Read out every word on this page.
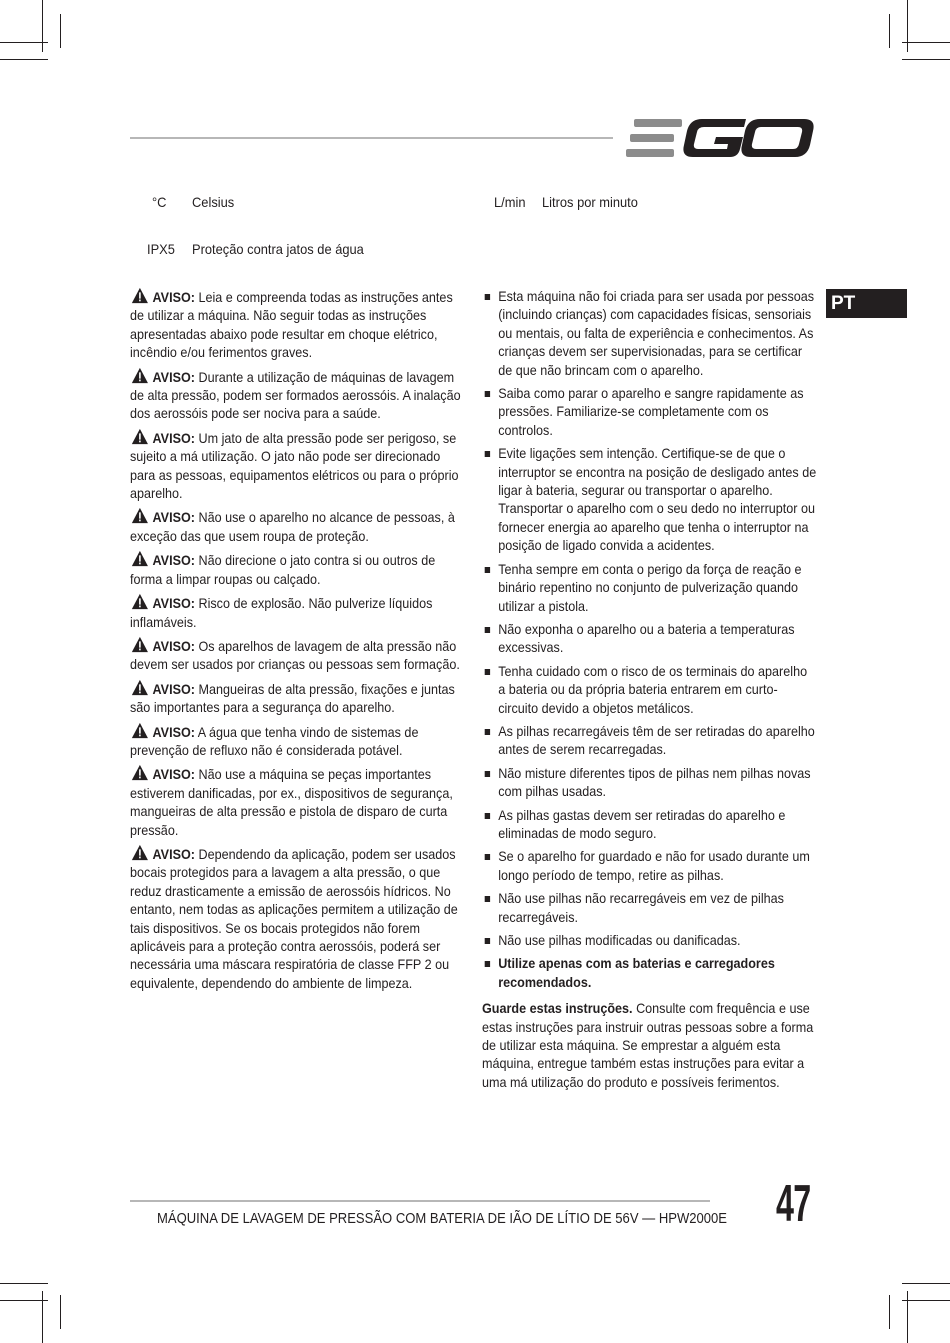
°C Celsius	L/min Litros por minuto
IPX5 Proteção contra jatos de água
PT

AVISO: Leia e compreenda todas as instruções antes de utilizar a máquina. Não seguir todas as instruções apresentadas abaixo pode resultar em choque elétrico, incêndio e/ou ferimentos graves.

AVISO: Durante a utilização de máquinas de lavagem de alta pressão, podem ser formados aerossóis. A inalação dos aerossóis pode ser nociva para a saúde.

AVISO: Um jato de alta pressão pode ser perigoso, se sujeito a má utilização. O jato não pode ser direcionado para as pessoas, equipamentos elétricos ou para o próprio aparelho.

AVISO: Não use o aparelho no alcance de pessoas, à exceção das que usem roupa de proteção.

AVISO: Não direcione o jato contra si ou outros de forma a limpar roupas ou calçado.

AVISO: Risco de explosão. Não pulverize líquidos inflamáveis.

AVISO: Os aparelhos de lavagem de alta pressão não devem ser usados por crianças ou pessoas sem formação.

AVISO: Mangueiras de alta pressão, fixações e juntas são importantes para a segurança do aparelho.

AVISO: A água que tenha vindo de sistemas de prevenção de refluxo não é considerada potável.

AVISO: Não use a máquina se peças importantes estiverem danificadas, por ex., dispositivos de segurança, mangueiras de alta pressão e pistola de disparo de curta pressão.

AVISO: Dependendo da aplicação, podem ser usados bocais protegidos para a lavagem a alta pressão, o que reduz drasticamente a emissão de aerossóis hídricos. No entanto, nem todas as aplicações permitem a utilização de tais dispositivos. Se os bocais protegidos não forem aplicáveis para a proteção contra aerossóis, poderá ser necessária uma máscara respiratória de classe FFP 2 ou equivalente, dependendo do ambiente de limpeza.

Esta máquina não foi criada para ser usada por pessoas (incluindo crianças) com capacidades físicas, sensoriais ou mentais, ou falta de experiência e conhecimentos. As crianças devem ser supervisionadas, para se certificar de que não brincam com o aparelho.
Saiba como parar o aparelho e sangre rapidamente as pressões. Familiarize-se completamente com os controlos.
Evite ligações sem intenção. Certifique-se de que o interruptor se encontra na posição de desligado antes de ligar à bateria, segurar ou transportar o aparelho. Transportar o aparelho com o seu dedo no interruptor ou fornecer energia ao aparelho que tenha o interruptor na posição de ligado convida a acidentes.
Tenha sempre em conta o perigo da força de reação e binário repentino no conjunto de pulverização quando utilizar a pistola.
Não exponha o aparelho ou a bateria a temperaturas excessivas.
Tenha cuidado com o risco de os terminais do aparelho a bateria ou da própria bateria entrarem em curto-circuito devido a objetos metálicos.
As pilhas recarregáveis têm de ser retiradas do aparelho antes de serem recarregadas.
Não misture diferentes tipos de pilhas nem pilhas novas com pilhas usadas.
As pilhas gastas devem ser retiradas do aparelho e eliminadas de modo seguro.
Se o aparelho for guardado e não for usado durante um longo período de tempo, retire as pilhas.
Não use pilhas não recarregáveis em vez de pilhas recarregáveis.
Não use pilhas modificadas ou danificadas.
Utilize apenas com as baterias e carregadores recomendados.
Guarde estas instruções. Consulte com frequência e use estas instruções para instruir outras pessoas sobre a forma de utilizar esta máquina. Se emprestar a alguém esta máquina, entregue também estas instruções para evitar a uma má utilização do produto e possíveis ferimentos.
MÁQUINA DE LAVAGEM DE PRESSÃO COM BATERIA DE IÃO DE LÍTIO DE 56V — HPW2000E 47
